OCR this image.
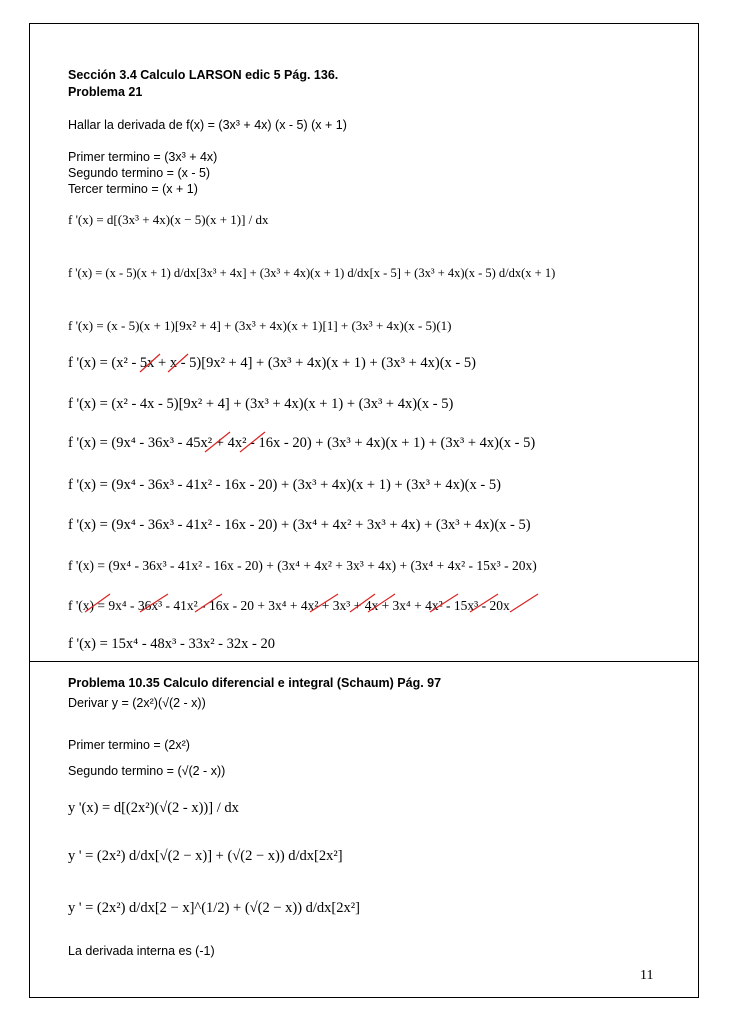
Sección 3.4 Calculo LARSON edic 5 Pág. 136.
Problema 21
Hallar la derivada de f(x) = (3x³ + 4x) (x - 5) (x + 1)
Primer termino = (3x³ + 4x)
Segundo termino = (x - 5)
Tercer termino = (x + 1)
f '(x) = d[(3x³ + 4x)(x − 5)(x + 1)] / dx
f '(x) = (x - 5)(x + 1) d/dx[3x³ + 4x] + (3x³ + 4x)(x + 1) d/dx[x - 5] + (3x³ + 4x)(x - 5) d/dx(x + 1)
f '(x) = (x - 5)(x + 1)[9x² + 4] + (3x³ + 4x)(x + 1)[1] + (3x³ + 4x)(x - 5)(1)
f '(x) = (x² - 5x + x - 5)[9x² + 4] + (3x³ + 4x)(x + 1) + (3x³ + 4x)(x - 5)
f '(x) = (x² - 4x - 5)[9x² + 4] + (3x³ + 4x)(x + 1) + (3x³ + 4x)(x - 5)
f '(x) = (9x⁴ - 36x³ - 45x² + 4x² - 16x - 20) + (3x³ + 4x)(x + 1) + (3x³ + 4x)(x - 5)
f '(x) = (9x⁴ - 36x³ - 41x² - 16x - 20) + (3x³ + 4x)(x + 1) + (3x³ + 4x)(x - 5)
f '(x) = (9x⁴ - 36x³ - 41x² - 16x - 20) + (3x⁴ + 4x² + 3x³ + 4x) + (3x³ + 4x)(x - 5)
f '(x) = (9x⁴ - 36x³ - 41x² - 16x - 20) + (3x⁴ + 4x² + 3x³ + 4x) + (3x⁴ + 4x² - 15x³ - 20x)
f '(x) = 9x⁴ - 36x³ - 41x² - 16x - 20 + 3x⁴ + 4x² + 3x³ + 4x + 3x⁴ + 4x² - 15x³ - 20x
f '(x) = 15x⁴ - 48x³ - 33x² - 32x - 20
Problema 10.35 Calculo diferencial e integral (Schaum) Pág. 97
Derivar y = (2x²)(√(2 - x))
Primer termino = (2x²)
Segundo termino = (√(2 - x))
y '(x) = d[(2x²)(√(2 - x))] / dx
y ' = (2x²) d/dx[√(2 − x)] + (√(2 − x)) d/dx[2x²]
y ' = (2x²) d/dx[2 − x]^(1/2) + (√(2 − x)) d/dx[2x²]
La derivada interna es (-1)
11
